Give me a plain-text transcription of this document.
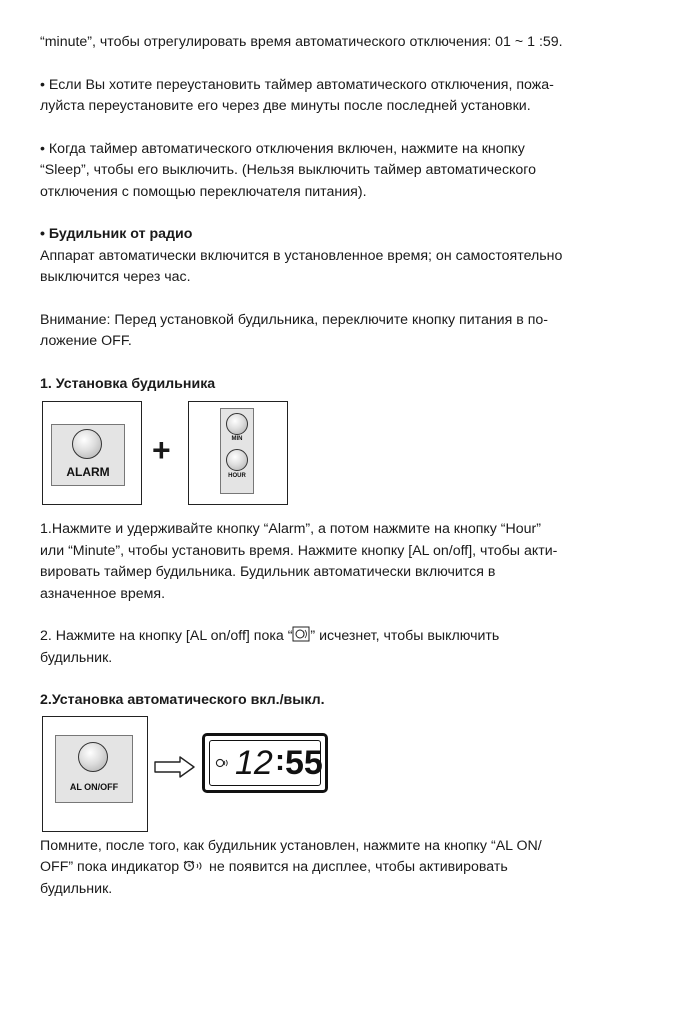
“minute”, чтобы отрегулировать время автоматического отключения: 01 ~ 1 :59.

• Если Вы хотите переустановить таймер автоматического отключения, пожа-

луйста переустановите его через две минуты после последней установки.

• Когда таймер автоматического отключения включен, нажмите на кнопку

“Sleep”, чтобы его выключить. (Нельзя выключить таймер автоматического

отключения с помощью переключателя питания).

• Будильник от радио

Аппарат автоматически включится в установленное время; он самостоятельно

выключится через час.

Внимание: Перед установкой будильника, переключите кнопку питания в по-

ложение OFF.

1. Установка будильника

ALARM
+	MIN
HOUR

1.Нажмите и удерживайте кнопку “Alarm”, а потом нажмите на кнопку “Hour”

или “Minute”, чтобы установить время. Нажмите кнопку [AL on/off], чтобы акти-

вировать таймер будильника. Будильник автоматически включится в

азначенное время.

2. Нажмите на кнопку [AL on/off] пока “ ” исчезнет, чтобы выключить

будильник.

2.Установка автоматического вкл./выкл.

AL ON/OFF
12 : 55

Помните, после того, как будильник установлен, нажмите на кнопку “AL ON/

OFF” пока индикатор  не появится на дисплее, чтобы активировать

будильник.
